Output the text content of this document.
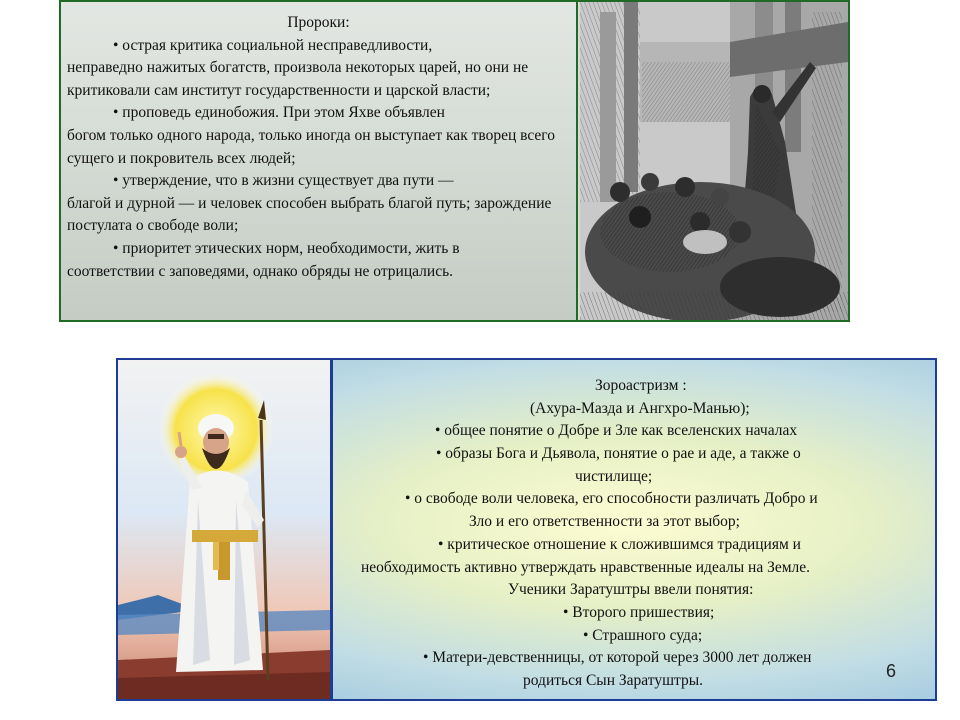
Пророки:

• острая критика социальной несправедливости,

неправедно нажитых богатств, произвола некоторых царей, но они не критиковали сам институт государственности и царской власти;

• проповедь единобожия. При этом Яхве объявлен

богом только одного народа, только иногда он выступает как творец всего сущего и покровитель всех людей;

• утверждение, что в жизни существует два пути —

благой и дурной — и человек способен выбрать благой путь; зарождение постулата о свободе воли;

• приоритет этических норм, необходимости, жить в

соответствии с заповедями, однако обряды не отрицались.

Зороастризм :
(Ахура-Мазда и Ангхро-Манью);
• общее понятие о Добре и Зле как вселенских началах
• образы Бога и Дьявола, понятие о рае и аде, а также о
чистилище;
• о свободе воли человека, его способности различать Добро и
Зло и его ответственности за этот выбор;
• критическое отношение к сложившимся традициям и
необходимость активно утверждать нравственные идеалы на Земле.
Ученики Заратуштры ввели понятия:
• Второго пришествия;
• Страшного суда;
• Матери-девственницы, от которой через 3000 лет должен
родиться Сын Заратуштры.	6
